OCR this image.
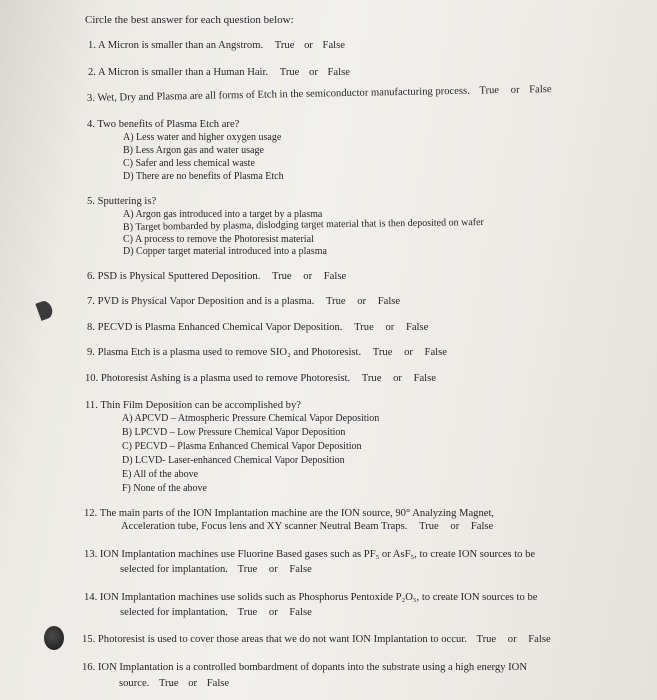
Circle the best answer for each question below:
1. A Micron is smaller than an Angstrom. True or False
2. A Micron is smaller than a Human Hair. True or False
3. Wet, Dry and Plasma are all forms of Etch in the semiconductor manufacturing process. True or False
4. Two benefits of Plasma Etch are?
A) Less water and higher oxygen usage
B) Less Argon gas and water usage
C) Safer and less chemical waste
D) There are no benefits of Plasma Etch
5. Sputtering is?
A) Argon gas introduced into a target by a plasma
B) Target bombarded by plasma, dislodging target material that is then deposited on wafer
C) A process to remove the Photoresist material
D) Copper target material introduced into a plasma
6. PSD is Physical Sputtered Deposition. True or False
7. PVD is Physical Vapor Deposition and is a plasma. True or False
8. PECVD is Plasma Enhanced Chemical Vapor Deposition. True or False
9. Plasma Etch is a plasma used to remove SIO₂ and Photoresist. True or False
10. Photoresist Ashing is a plasma used to remove Photoresist. True or False
11. Thin Film Deposition can be accomplished by?
A) APCVD – Atmospheric Pressure Chemical Vapor Deposition
B) LPCVD – Low Pressure Chemical Vapor Deposition
C) PECVD – Plasma Enhanced Chemical Vapor Deposition
D) LCVD- Laser-enhanced Chemical Vapor Deposition
E) All of the above
F) None of the above
12. The main parts of the ION Implantation machine are the ION source, 90° Analyzing Magnet,
Acceleration tube, Focus lens and XY scanner Neutral Beam Traps. True or False
13. ION Implantation machines use Fluorine Based gases such as PF₅ or AsF₅, to create ION sources to be
selected for implantation. True or False
14. ION Implantation machines use solids such as Phosphorus Pentoxide P₂O₅, to create ION sources to be
selected for implantation. True or False
15. Photoresist is used to cover those areas that we do not want ION Implantation to occur. True or False
16. ION Implantation is a controlled bombardment of dopants into the substrate using a high energy ION
source. True or False
